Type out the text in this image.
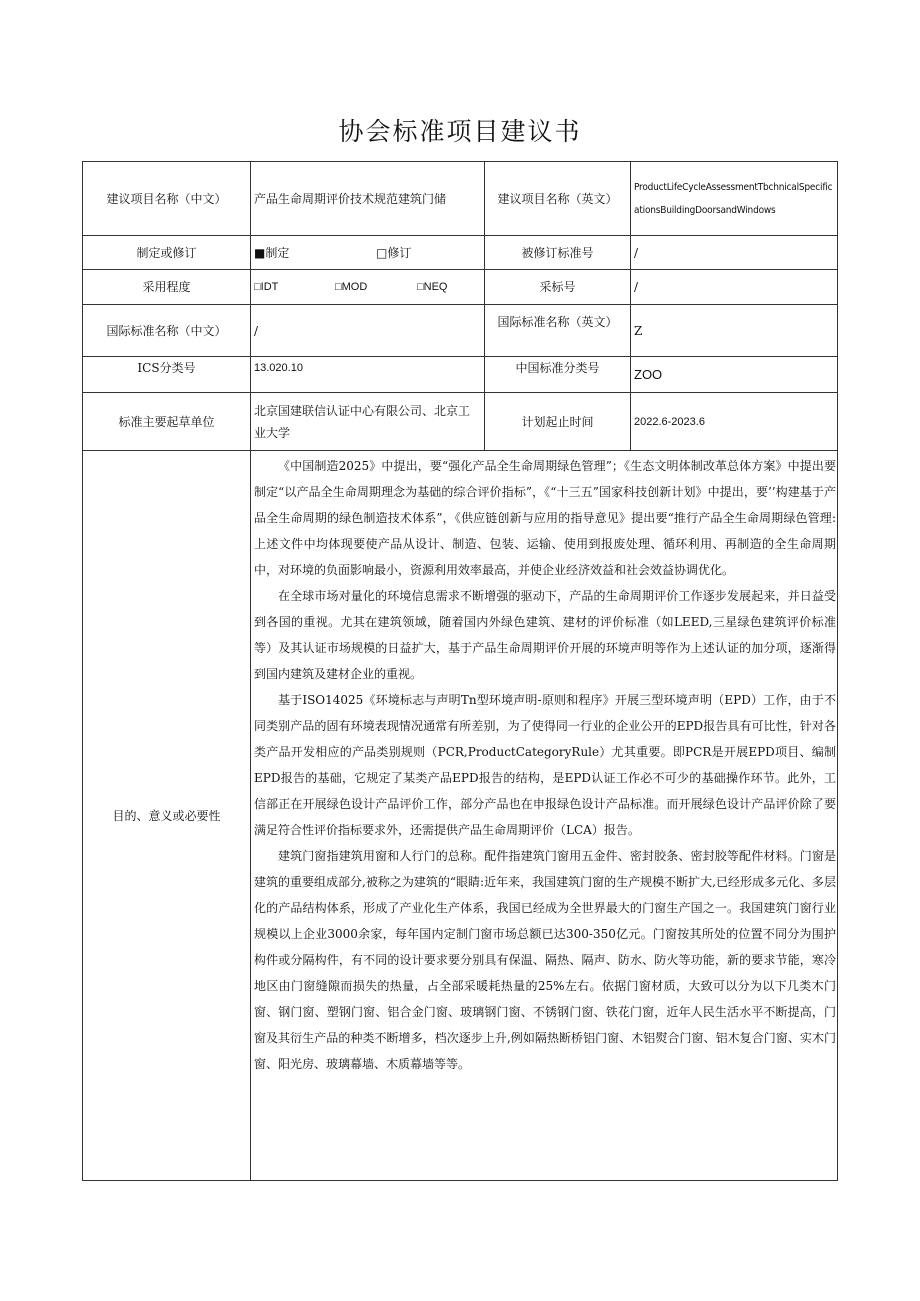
协会标准项目建议书
建议项目名称（中文）	产品生命周期评价技术规范建筑门储	建议项目名称（英文）	ProductLifeCycleAssessmentTbchnicalSpecificationsBuildingDoorsandWindows
制定或修订	■制定 □修订	被修订标准号	/
采用程度	□IDT □MOD □NEQ	采标号	/
国际标准名称（中文）	/	国际标准名称（英文）	Z
ICS分类号	13.020.10	中国标准分类号	ZOO
标准主要起草单位	北京国建联信认证中心有限公司、北京工业大学	计划起止时间	2022.6-2023.6
目的、意义或必要性	《中国制造2025》中提出，要“强化产品全生命周期绿色管理”；《生态文明体制改革总体方案》中提出要制定“以产品全生命周期理念为基础的综合评价指标”，《“十三五”国家科技创新计划》中提出，要’’构建基于产品全生命周期的绿色制造技术体系”，《供应链创新与应用的指导意见》提出要“推行产品全生命周期绿色管理:上述文件中均体现要使产品从设计、制造、包装、运输、使用到报废处理、循环利用、再制造的全生命周期中，对环境的负面影响最小，资源利用效率最高，并使企业经济效益和社会效益协调优化。

在全球市场对量化的环境信息需求不断增强的驱动下，产品的生命周期评价工作逐步发展起来，并日益受到各国的重视。尤其在建筑领域，随着国内外绿色建筑、建材的评价标准（如LEED,三星绿色建筑评价标准等）及其认证市场规模的日益扩大，基于产品生命周期评价开展的环境声明等作为上述认证的加分项，逐渐得到国内建筑及建材企业的重视。

基于ISO14025《环境标志与声明Tn型环境声明-原则和程序》开展三型环境声明（EPD）工作，由于不同类别产品的固有环境表现情况通常有所差别，为了使得同一行业的企业公开的EPD报告具有可比性，针对各类产品开发相应的产品类别规则（PCR,ProductCategoryRule）尤其重要。即PCR是开展EPD项目、编制EPD报告的基础，它规定了某类产品EPD报告的结构，是EPD认证工作必不可少的基础操作环节。此外，工信部正在开展绿色设计产品评价工作，部分产品也在申报绿色设计产品标准。而开展绿色设计产品评价除了要满足符合性评价指标要求外，还需提供产品生命周期评价（LCA）报告。

建筑门窗指建筑用窗和人行门的总称。配件指建筑门窗用五金件、密封胶条、密封胶等配件材料。门窗是建筑的重要组成部分,被称之为建筑的“眼睛:近年来，我国建筑门窗的生产规模不断扩大,已经形成多元化、多层化的产品结构体系，形成了产业化生产体系，我国已经成为全世界最大的门窗生产国之一。我国建筑门窗行业规模以上企业3000余家，每年国内定制门窗市场总额已达300-350亿元。门窗按其所处的位置不同分为围护构件或分隔构件，有不同的设计要求要分别具有保温、隔热、隔声、防水、防火等功能，新的要求节能，寒冷地区由门窗缝隙而损失的热量，占全部采暖耗热量的25%左右。依据门窗材质，大致可以分为以下几类木门窗、钢门窗、塑钢门窗、铝合金门窗、玻璃钢门窗、不锈钢门窗、铁花门窗，近年人民生活水平不断提高，门窗及其衍生产品的种类不断增多，档次逐步上升,例如隔热断桥铝门窗、木铝熨合门窗、铝木复合门窗、实木门窗、阳光房、玻璃幕墙、木质幕墙等等。		
